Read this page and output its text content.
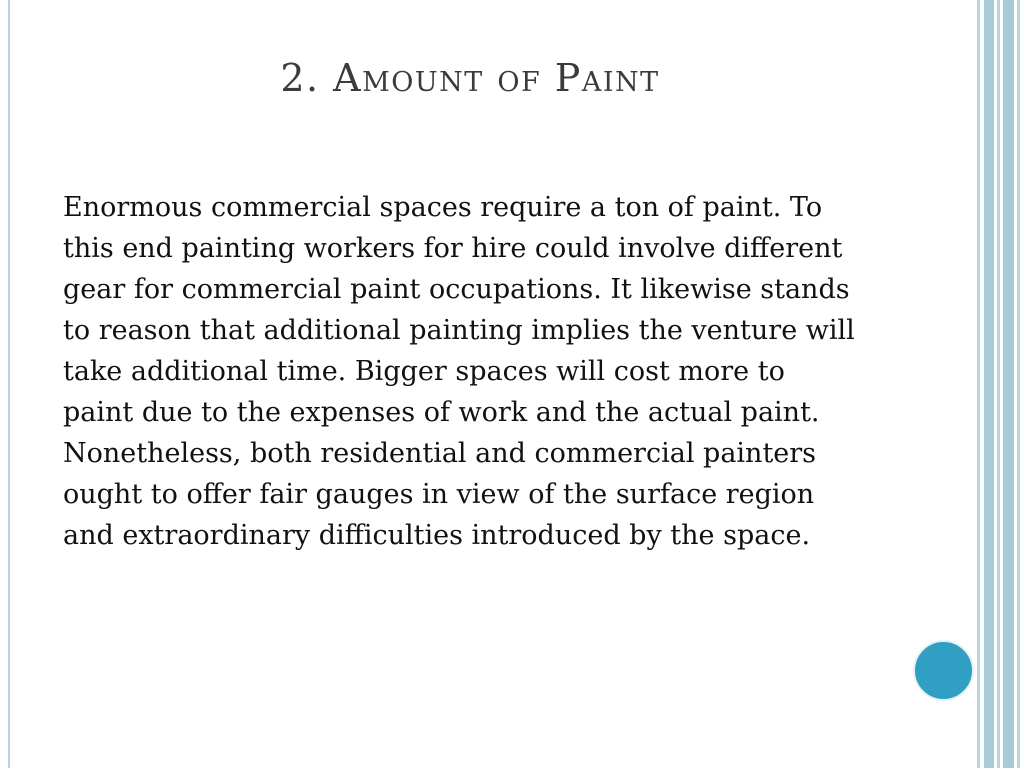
2. Amount of Paint

Enormous commercial spaces require a ton of paint. To this end painting workers for hire could involve different gear for commercial paint occupations. It likewise stands to reason that additional painting implies the venture will take additional time. Bigger spaces will cost more to paint due to the expenses of work and the actual paint. Nonetheless, both residential and commercial painters ought to offer fair gauges in view of the surface region and extraordinary difficulties introduced by the space.
